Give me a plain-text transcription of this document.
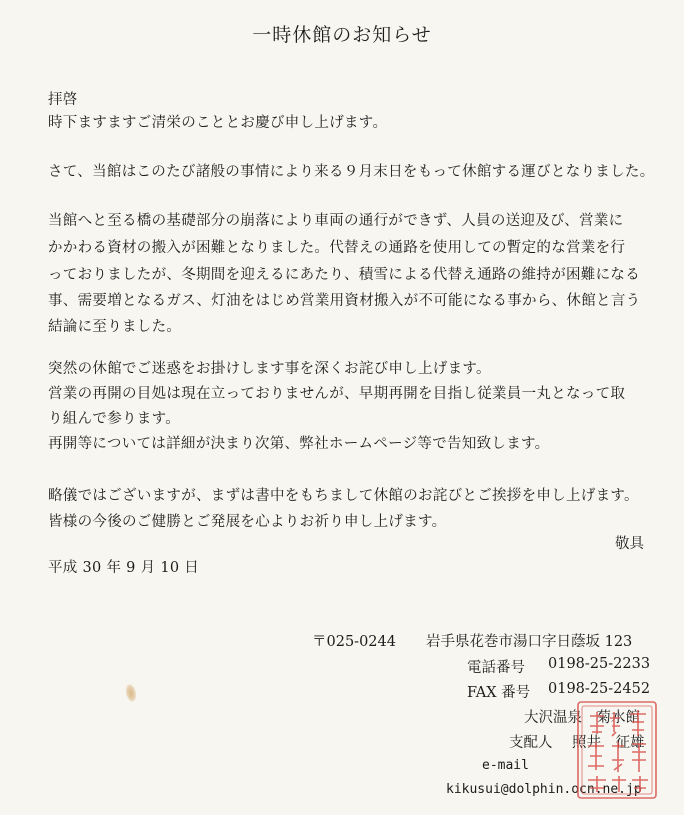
一時休館のお知らせ
拝啓
時下ますますご清栄のこととお慶び申し上げます。
さて、当館はこのたび諸般の事情により来る９月末日をもって休館する運びとなりました。
当館へと至る橋の基礎部分の崩落により車両の通行ができず、人員の送迎及び、営業に
かかわる資材の搬入が困難となりました。代替えの通路を使用しての暫定的な営業を行
っておりましたが、冬期間を迎えるにあたり、積雪による代替え通路の維持が困難になる
事、需要増となるガス、灯油をはじめ営業用資材搬入が不可能になる事から、休館と言う
結論に至りました。
突然の休館でご迷惑をお掛けします事を深くお詫び申し上げます。
営業の再開の目処は現在立っておりませんが、早期再開を目指し従業員一丸となって取
り組んで参ります。
再開等については詳細が決まり次第、弊社ホームページ等で告知致します。
略儀ではございますが、まずは書中をもちまして休館のお詫びとご挨拶を申し上げます。
皆様の今後のご健勝とご発展を心よりお祈り申し上げます。
敬具
平成 30 年 9 月 10 日
〒025-0244 岩手県花巻市湯口字日蔭坂 123
電話番号 0198-25-2233
FAX 番号 0198-25-2452
大沢温泉　菊水館
支配人 照井　征雄
e-mail
kikusui@dolphin.ocn.ne.jp
